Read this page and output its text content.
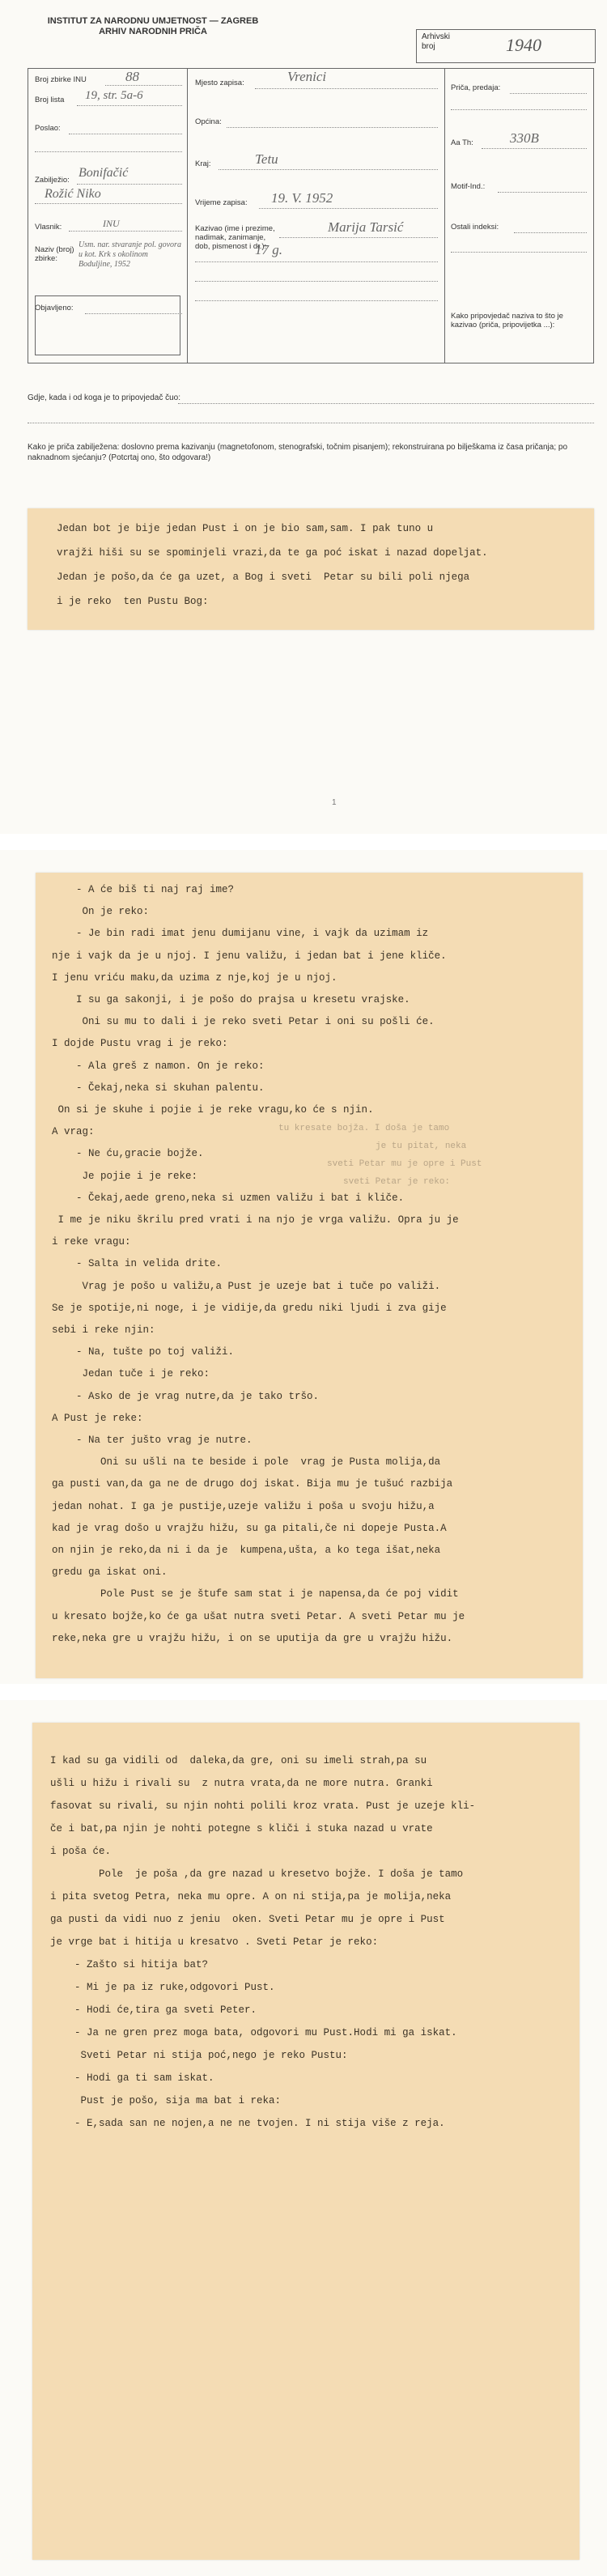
INSTITUT ZA NARODNU UMJETNOST — ZAGREB
ARHIV NARODNIH PRIČA
Arhivski broj	1940
Broj zbirke INU	88
Broj lista 19, str. 5a-6
Poslao:
Zabilježio:
Bonifačić
Rožić Niko
Vlasnik:	INU
Naziv (broj) zbirke:
Usm. nar. stvaranje pol. govora u kot. Krk s okolinom Boduljine, 1952
Objavljeno:
Mjesto zapisa:	Vrenici
Općina:
Kraj:	Tetu
Vrijeme zapisa: 19. V. 1952
Kazivao (ime i prezime, nadimak, zanimanje, dob, pismenost i dr.):
Marija Tarsić
17 g.
Priča, predaja:
Aa Th:	330B
Motif-Ind.:
Ostali indeksi:
Kako pripovjedač naziva to što je kazivao (priča, pripovijetka ...):
Gdje, kada i od koga je to pripovjedač čuo:
Kako je priča zabilježena: doslovno prema kazivanju (magnetofonom, stenografski, točnim pisanjem); rekonstruirana po bilješkama iz časa pričanja; po naknadnom sjećanju? (Potcrtaj ono, što odgovara!)
Jedan bot je bije jedan Pust i on je bio sam,sam. I pak tuno u
vrajži hiši su se spominjeli vrazi,da te ga poć iskat i nazad dopeljat.
Jedan je pošo,da će ga uzet, a Bog i sveti  Petar su bili poli njega
i je reko  ten Pustu Bog:
1
tu kresate bojža. I doša je tamo
je tu pitat, neka
sveti Petar mu je opre i Pust
sveti Petar je reko:
- A će biš ti naj raj ime?
On je reko:
- Je bin radi imat jenu dumijanu vine, i vajk da uzimam iz
nje i vajk da je u njoj. I jenu valižu, i jedan bat i jene kliče.
I jenu vriću maku,da uzima z nje,koj je u njoj.
I su ga sakonji, i je pošo do prajsa u kresetu vrajske.
Oni su mu to dali i je reko sveti Petar i oni su pošli će.
I dojde Pustu vrag i je reko:
- Ala greš z namon. On je reko:
- Čekaj,neka si skuhan palentu.
On si je skuhe i pojie i je reke vragu,ko će s njin.
A vrag:
- Ne ću,gracie bojže.
Je pojie i je reke:
- Čekaj,aede greno,neka si uzmen valižu i bat i kliče.
I me je niku škrilu pred vrati i na njo je vrga valižu. Opra ju je
i reke vragu:
- Salta in velida drite.
Vrag je pošo u valižu,a Pust je uzeje bat i tuče po valiži.
Se je spotije,ni noge, i je vidije,da gredu niki ljudi i zva gije
sebi i reke njin:
- Na, tušte po toj valiži.
Jedan tuče i je reko:
- Asko de je vrag nutre,da je tako tršo.
A Pust je reke:
- Na ter jušto vrag je nutre.
Oni su ušli na te beside i pole  vrag je Pusta molija,da
ga pusti van,da ga ne de drugo doj iskat. Bija mu je tušuć razbija
jedan nohat. I ga je pustije,uzeje valižu i poša u svoju hižu,a
kad je vrag došo u vrajžu hižu, su ga pitali,če ni dopeje Pusta.A
on njin je reko,da ni i da je  kumpena,ušta, a ko tega išat,neka
gredu ga iskat oni.
Pole Pust se je štufe sam stat i je napensa,da će poj vidit
u kresato bojže,ko će ga ušat nutra sveti Petar. A sveti Petar mu je
reke,neka gre u vrajžu hižu, i on se uputija da gre u vrajžu hižu.
I kad su ga vidili od  daleka,da gre, oni su imeli strah,pa su
ušli u hižu i rivali su  z nutra vrata,da ne more nutra. Granki
fasovat su rivali, su njin nohti polili kroz vrata. Pust je uzeje kli-
če i bat,pa njin je nohti potegne s kliči i stuka nazad u vrate
i poša će.
Pole  je poša ,da gre nazad u kresetvo bojže. I doša je tamo
i pita svetog Petra, neka mu opre. A on ni stija,pa je molija,neka
ga pusti da vidi nuo z jeniu  oken. Sveti Petar mu je opre i Pust
je vrge bat i hitija u kresatvo . Sveti Petar je reko:
- Zašto si hitija bat?
- Mi je pa iz ruke,odgovori Pust.
- Hodi će,tira ga sveti Peter.
- Ja ne gren prez moga bata, odgovori mu Pust.Hodi mi ga iskat.
Sveti Petar ni stija poć,nego je reko Pustu:
- Hodi ga ti sam iskat.
Pust je pošo, sija ma bat i reka:
- E,sada san ne nojen,a ne ne tvojen. I ni stija više z reja.
